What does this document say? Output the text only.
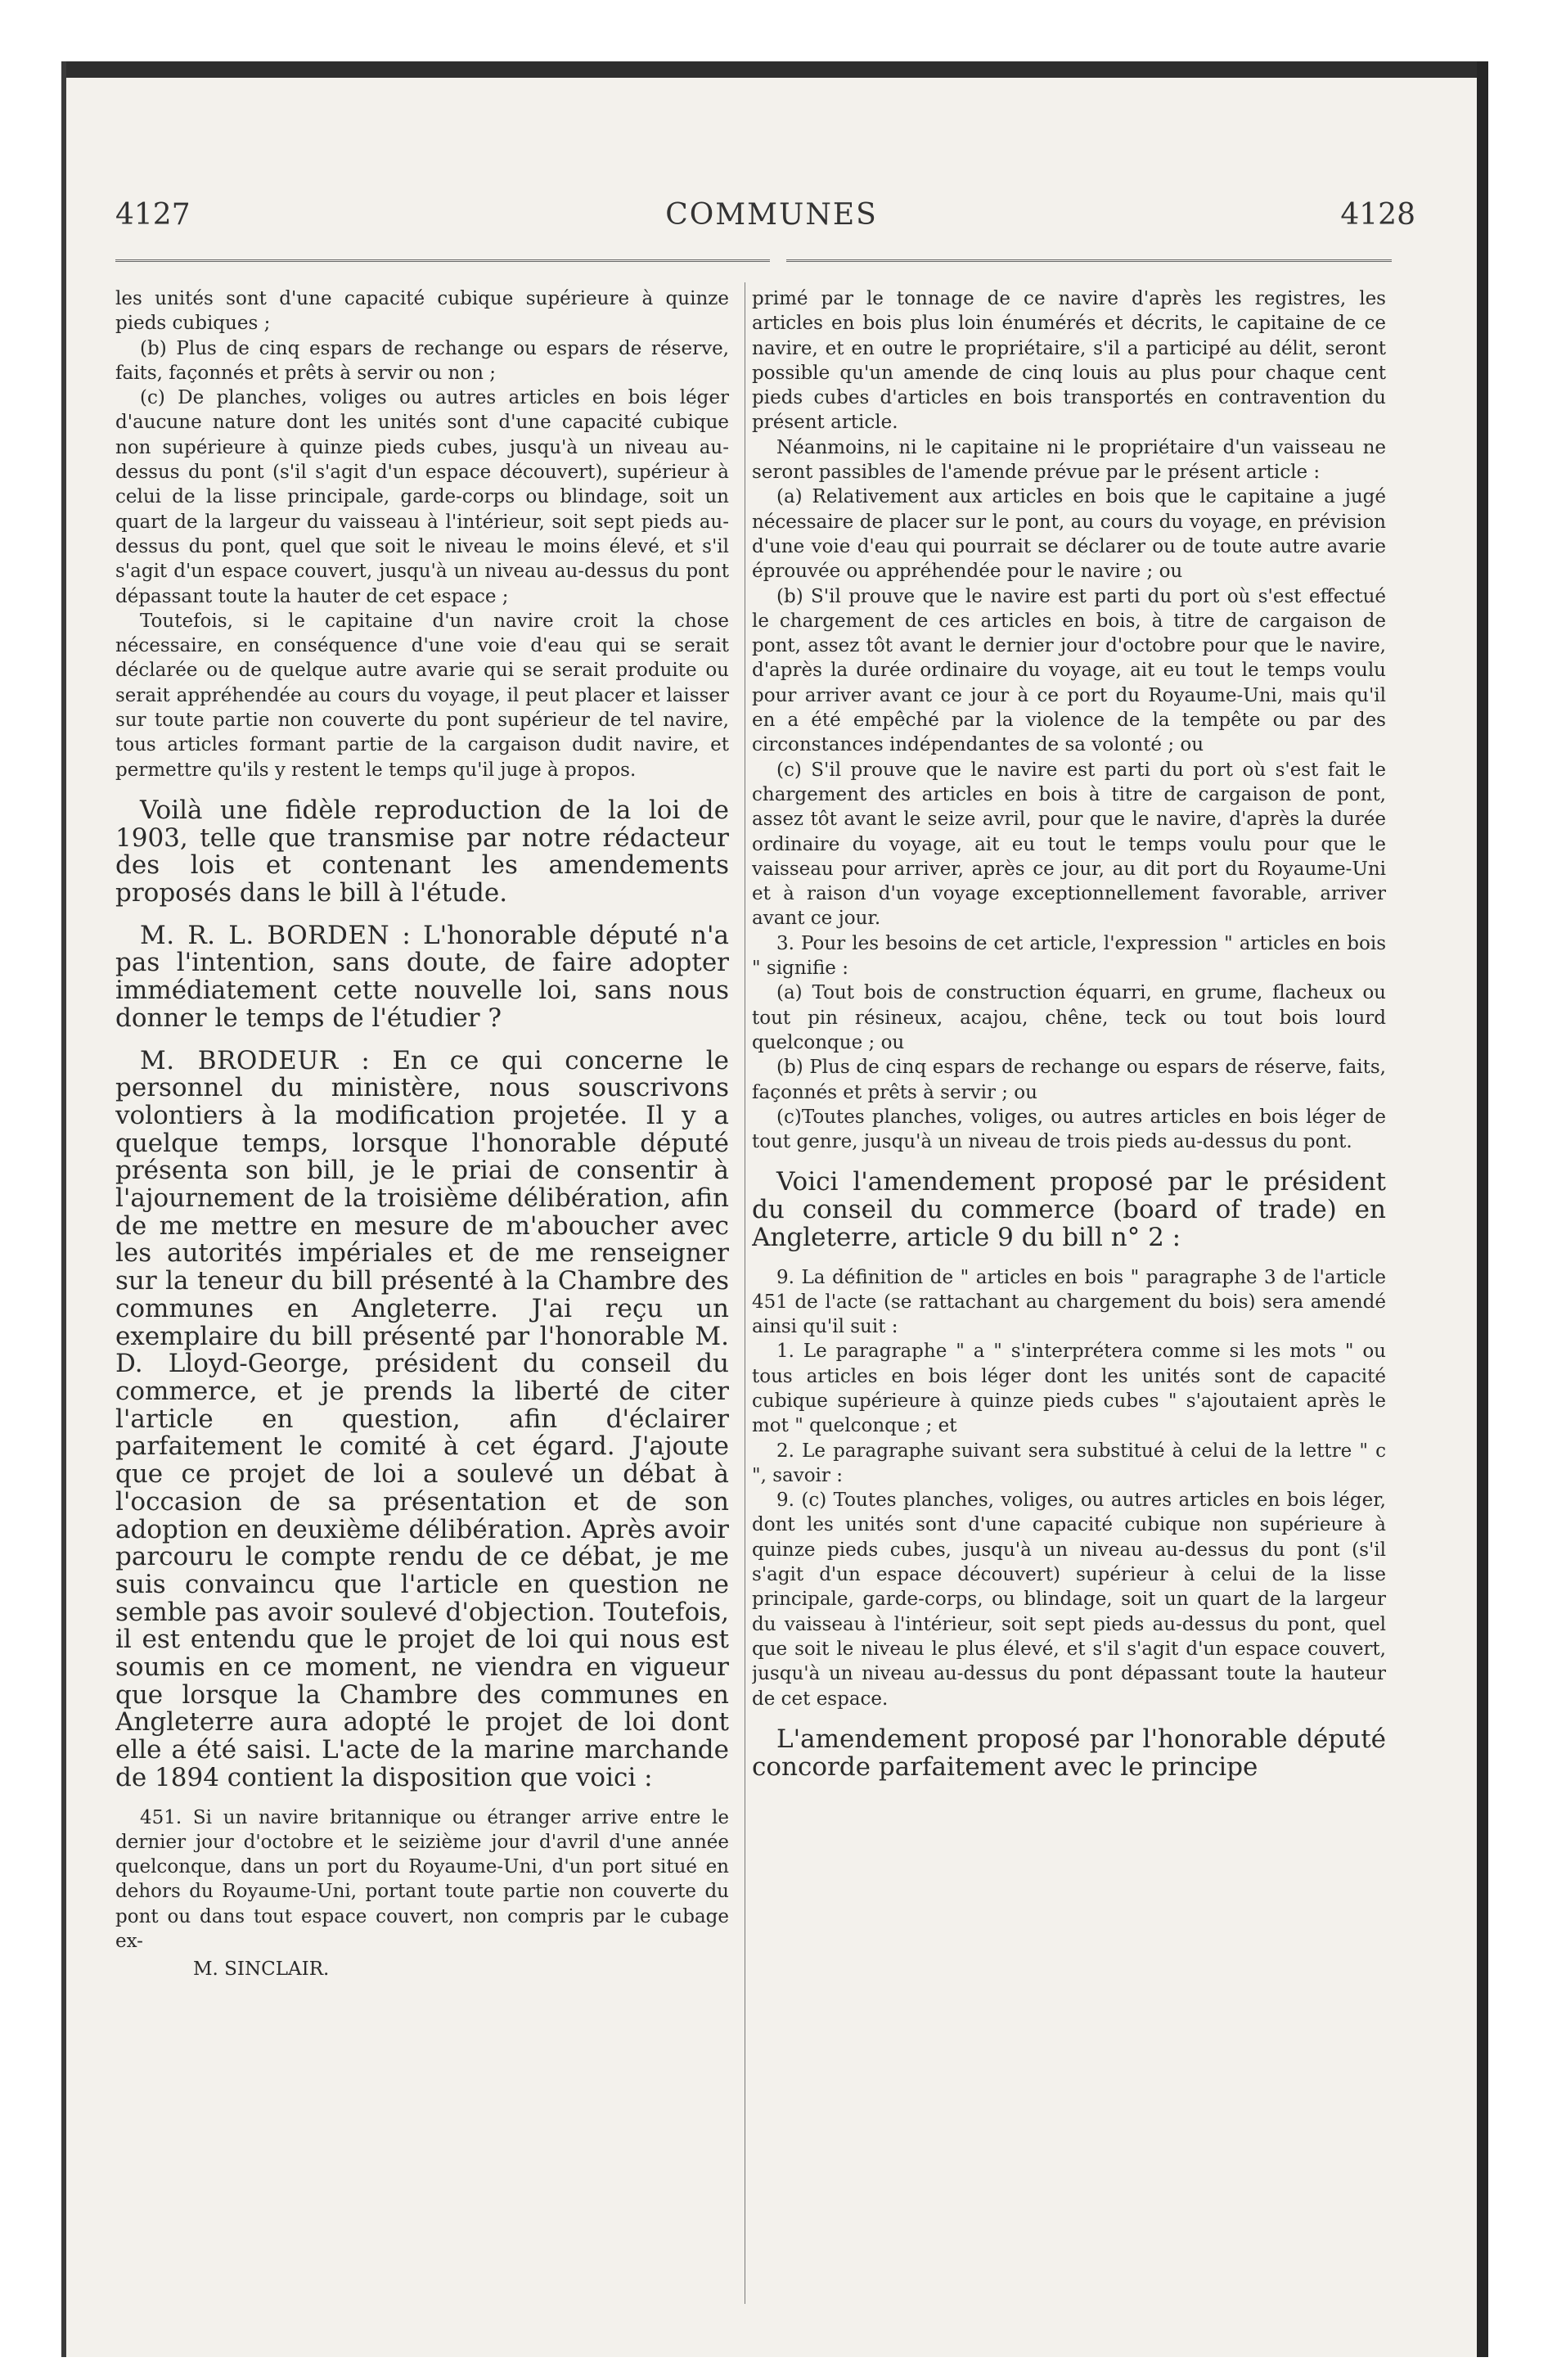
4127	COMMUNES	4128

les unités sont d'une capacité cubique supérieure à quinze pieds cubiques ;

(b) Plus de cinq espars de rechange ou espars de réserve, faits, façonnés et prêts à servir ou non ;

(c) De planches, voliges ou autres articles en bois léger d'aucune nature dont les unités sont d'une capacité cubique non supérieure à quinze pieds cubes, jusqu'à un niveau au-dessus du pont (s'il s'agit d'un espace découvert), supérieur à celui de la lisse principale, garde-corps ou blindage, soit un quart de la largeur du vaisseau à l'intérieur, soit sept pieds au-dessus du pont, quel que soit le niveau le moins élevé, et s'il s'agit d'un espace couvert, jusqu'à un niveau au-dessus du pont dépassant toute la hauter de cet espace ;

Toutefois, si le capitaine d'un navire croit la chose nécessaire, en conséquence d'une voie d'eau qui se serait déclarée ou de quelque autre avarie qui se serait produite ou serait appréhendée au cours du voyage, il peut placer et laisser sur toute partie non couverte du pont supérieur de tel navire, tous articles formant partie de la cargaison dudit navire, et permettre qu'ils y restent le temps qu'il juge à propos.

Voilà une fidèle reproduction de la loi de 1903, telle que transmise par notre rédacteur des lois et contenant les amendements proposés dans le bill à l'étude.

M. R. L. BORDEN : L'honorable député n'a pas l'intention, sans doute, de faire adopter immédiatement cette nouvelle loi, sans nous donner le temps de l'étudier ?

M. BRODEUR : En ce qui concerne le personnel du ministère, nous souscrivons volontiers à la modification projetée. Il y a quelque temps, lorsque l'honorable député présenta son bill, je le priai de consentir à l'ajournement de la troisième délibération, afin de me mettre en mesure de m'aboucher avec les autorités impériales et de me renseigner sur la teneur du bill présenté à la Chambre des communes en Angleterre. J'ai reçu un exemplaire du bill présenté par l'honorable M. D. Lloyd-George, président du conseil du commerce, et je prends la liberté de citer l'article en question, afin d'éclairer parfaitement le comité à cet égard. J'ajoute que ce projet de loi a soulevé un débat à l'occasion de sa présentation et de son adoption en deuxième délibération. Après avoir parcouru le compte rendu de ce débat, je me suis convaincu que l'article en question ne semble pas avoir soulevé d'objection. Toutefois, il est entendu que le projet de loi qui nous est soumis en ce moment, ne viendra en vigueur que lorsque la Chambre des communes en Angleterre aura adopté le projet de loi dont elle a été saisi. L'acte de la marine marchande de 1894 contient la disposition que voici :

451. Si un navire britannique ou étranger arrive entre le dernier jour d'octobre et le seizième jour d'avril d'une année quelconque, dans un port du Royaume-Uni, d'un port situé en dehors du Royaume-Uni, portant toute partie non couverte du pont ou dans tout espace couvert, non compris par le cubage ex-

M. SINCLAIR.

primé par le tonnage de ce navire d'après les registres, les articles en bois plus loin énumérés et décrits, le capitaine de ce navire, et en outre le propriétaire, s'il a participé au délit, seront possible qu'un amende de cinq louis au plus pour chaque cent pieds cubes d'articles en bois transportés en contravention du présent article.

Néanmoins, ni le capitaine ni le propriétaire d'un vaisseau ne seront passibles de l'amende prévue par le présent article :

(a) Relativement aux articles en bois que le capitaine a jugé nécessaire de placer sur le pont, au cours du voyage, en prévision d'une voie d'eau qui pourrait se déclarer ou de toute autre avarie éprouvée ou appréhendée pour le navire ; ou

(b) S'il prouve que le navire est parti du port où s'est effectué le chargement de ces articles en bois, à titre de cargaison de pont, assez tôt avant le dernier jour d'octobre pour que le navire, d'après la durée ordinaire du voyage, ait eu tout le temps voulu pour arriver avant ce jour à ce port du Royaume-Uni, mais qu'il en a été empêché par la violence de la tempête ou par des circonstances indépendantes de sa volonté ; ou

(c) S'il prouve que le navire est parti du port où s'est fait le chargement des articles en bois à titre de cargaison de pont, assez tôt avant le seize avril, pour que le navire, d'après la durée ordinaire du voyage, ait eu tout le temps voulu pour que le vaisseau pour arriver, après ce jour, au dit port du Royaume-Uni et à raison d'un voyage exceptionnellement favorable, arriver avant ce jour.

3. Pour les besoins de cet article, l'expression " articles en bois " signifie :

(a) Tout bois de construction équarri, en grume, flacheux ou tout pin résineux, acajou, chêne, teck ou tout bois lourd quelconque ; ou

(b) Plus de cinq espars de rechange ou espars de réserve, faits, façonnés et prêts à servir ; ou

(c)Toutes planches, voliges, ou autres articles en bois léger de tout genre, jusqu'à un niveau de trois pieds au-dessus du pont.

Voici l'amendement proposé par le président du conseil du commerce (board of trade) en Angleterre, article 9 du bill n° 2 :

9. La définition de " articles en bois " paragraphe 3 de l'article 451 de l'acte (se rattachant au chargement du bois) sera amendé ainsi qu'il suit :

1. Le paragraphe " a " s'interprétera comme si les mots " ou tous articles en bois léger dont les unités sont de capacité cubique supérieure à quinze pieds cubes " s'ajoutaient après le mot " quelconque ; et

2. Le paragraphe suivant sera substitué à celui de la lettre " c ", savoir :

9. (c) Toutes planches, voliges, ou autres articles en bois léger, dont les unités sont d'une capacité cubique non supérieure à quinze pieds cubes, jusqu'à un niveau au-dessus du pont (s'il s'agit d'un espace découvert) supérieur à celui de la lisse principale, garde-corps, ou blindage, soit un quart de la largeur du vaisseau à l'intérieur, soit sept pieds au-dessus du pont, quel que soit le niveau le plus élevé, et s'il s'agit d'un espace couvert, jusqu'à un niveau au-dessus du pont dépassant toute la hauteur de cet espace.

L'amendement proposé par l'honorable député concorde parfaitement avec le principe
